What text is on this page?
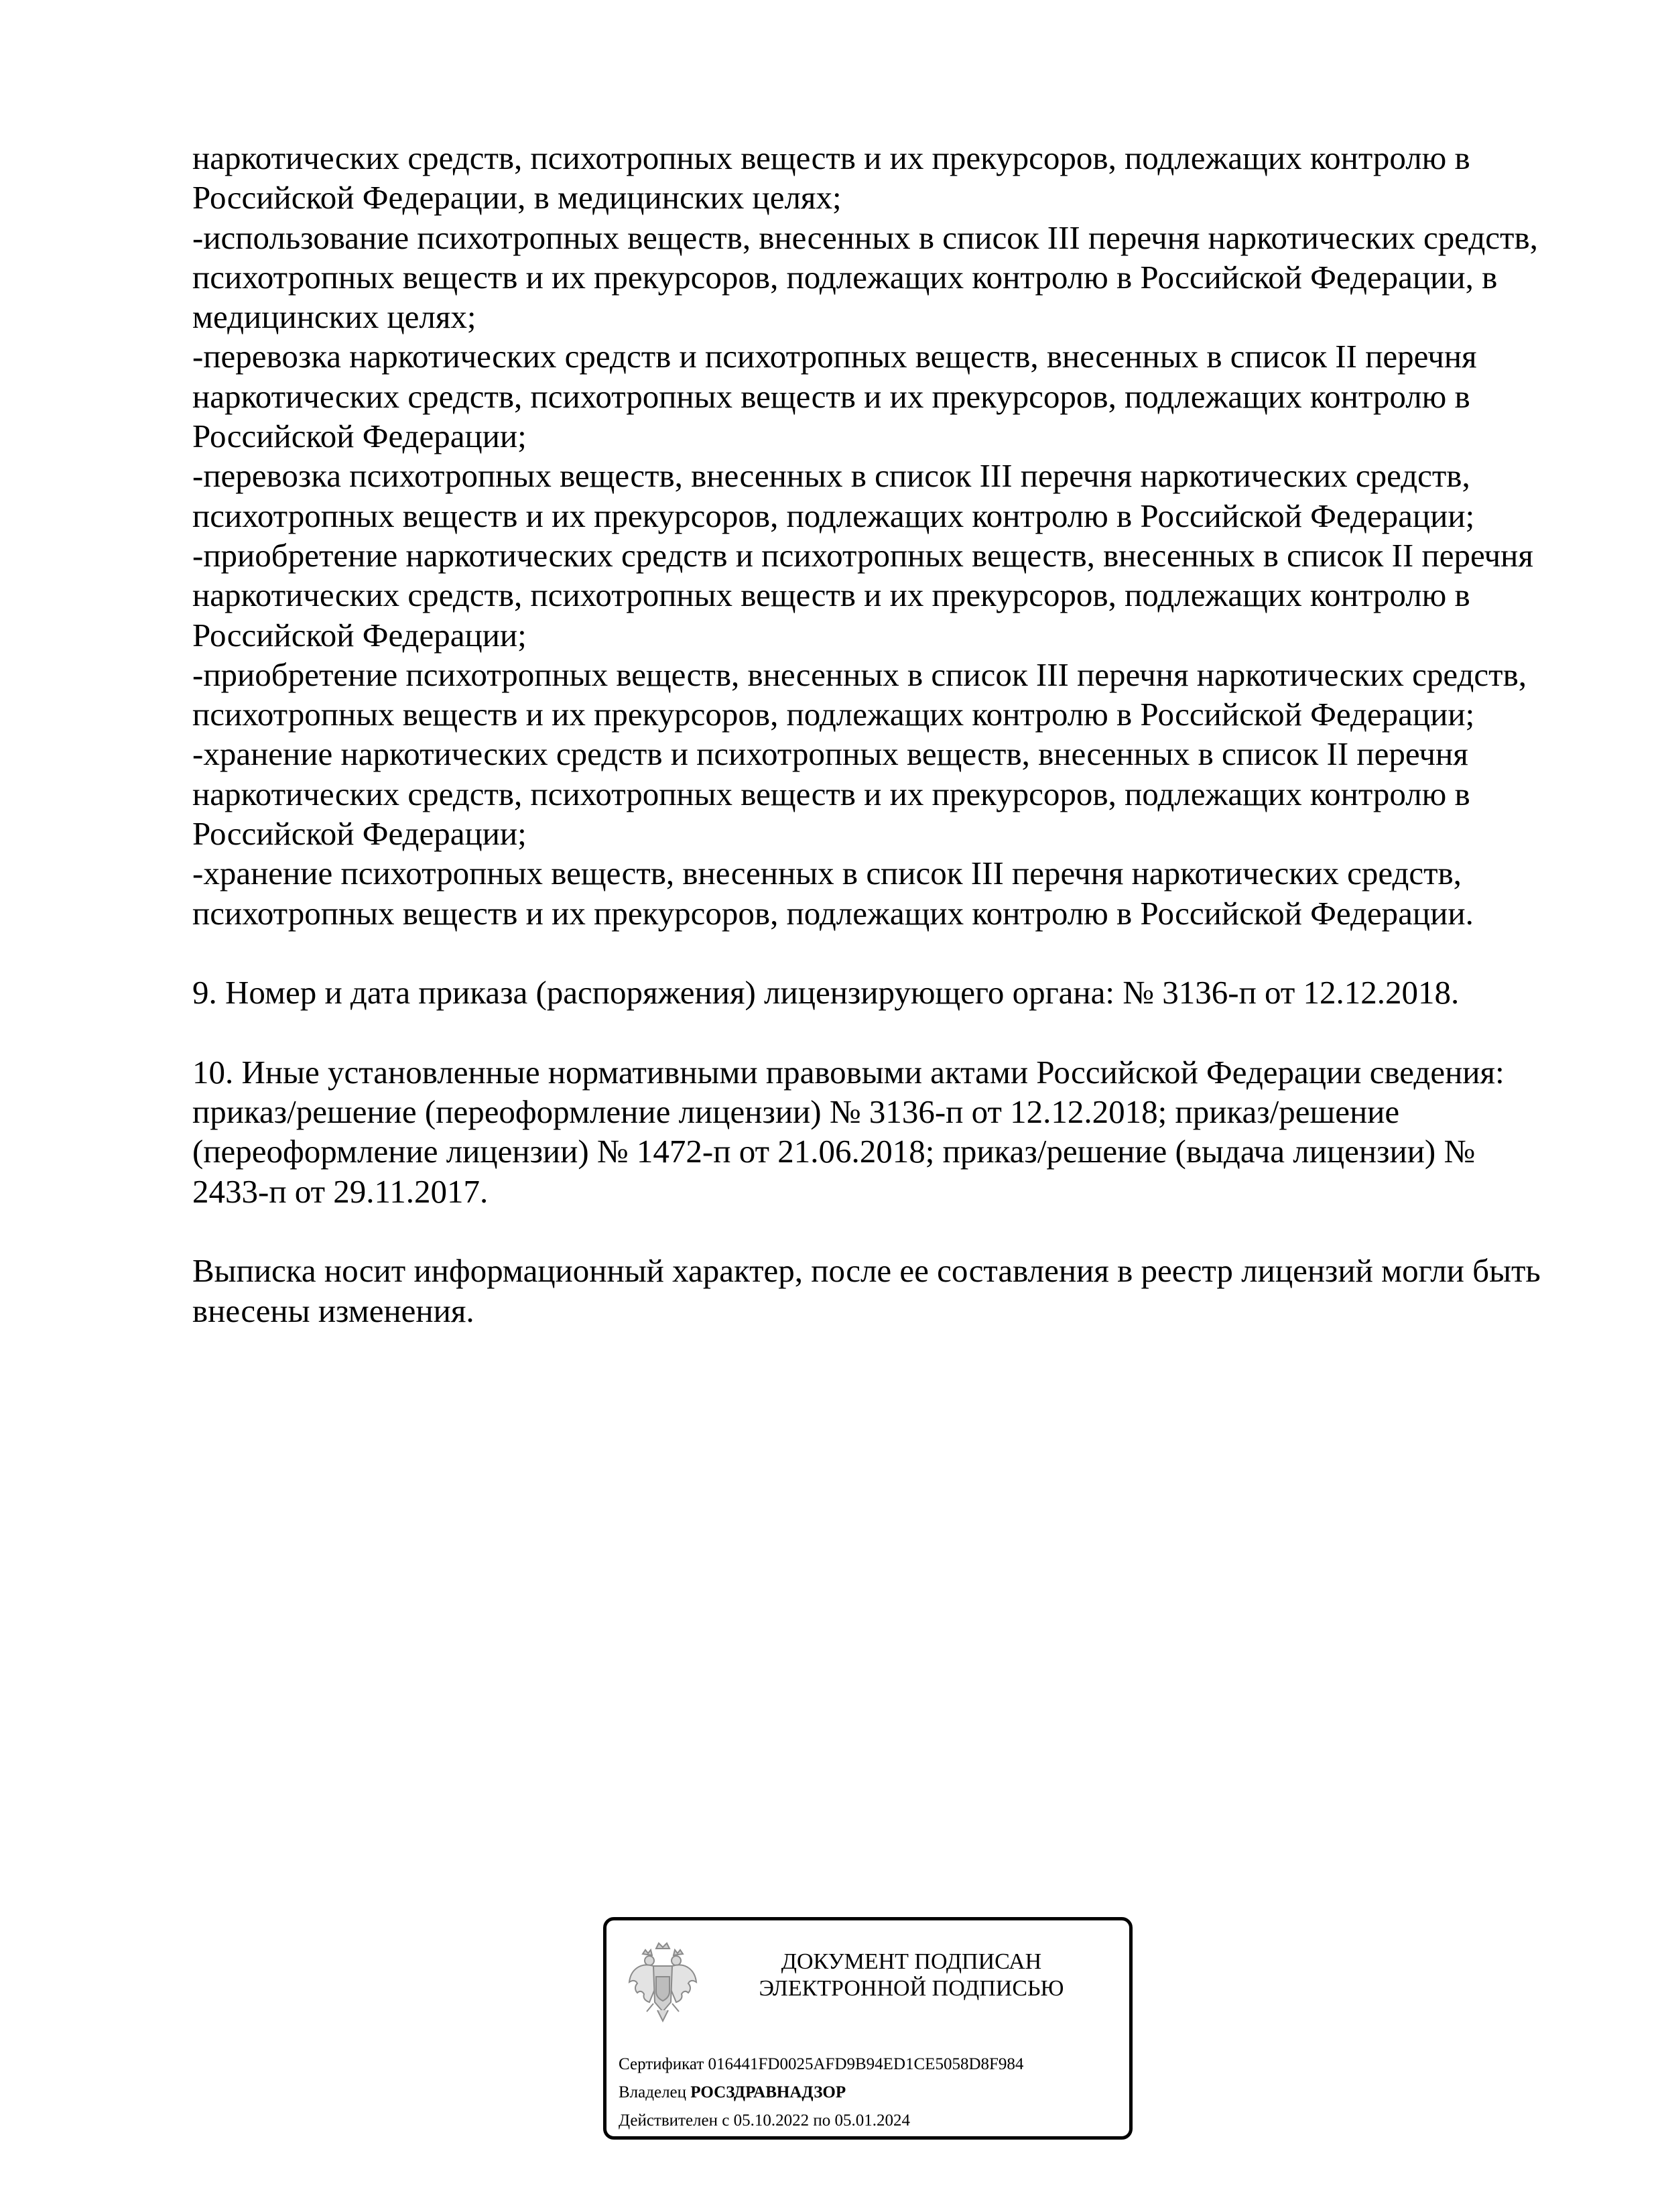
наркотических средств, психотропных веществ и их прекурсоров, подлежащих контролю в

Российской Федерации, в медицинских целях;

-использование психотропных веществ, внесенных в список III перечня наркотических средств,

психотропных веществ и их прекурсоров, подлежащих контролю в Российской Федерации, в

медицинских целях;

-перевозка наркотических средств и психотропных веществ, внесенных в список II перечня

наркотических средств, психотропных веществ и их прекурсоров, подлежащих контролю в

Российской Федерации;

-перевозка психотропных веществ, внесенных в список III перечня наркотических средств,

психотропных веществ и их прекурсоров, подлежащих контролю в Российской Федерации;

-приобретение наркотических средств и психотропных веществ, внесенных в список II перечня

наркотических средств, психотропных веществ и их прекурсоров, подлежащих контролю в

Российской Федерации;

-приобретение психотропных веществ, внесенных в список III перечня наркотических средств,

психотропных веществ и их прекурсоров, подлежащих контролю в Российской Федерации;

-хранение наркотических средств и психотропных веществ, внесенных в список II перечня

наркотических средств, психотропных веществ и их прекурсоров, подлежащих контролю в

Российской Федерации;

-хранение психотропных веществ, внесенных в список III перечня наркотических средств,

психотропных веществ и их прекурсоров, подлежащих контролю в Российской Федерации.

9. Номер и дата приказа (распоряжения) лицензирующего органа: № 3136-п от 12.12.2018.

10. Иные установленные нормативными правовыми актами Российской Федерации сведения:

приказ/решение (переоформление лицензии) № 3136-п от 12.12.2018; приказ/решение

(переоформление лицензии) № 1472-п от 21.06.2018; приказ/решение (выдача лицензии) №

2433-п от 29.11.2017.

Выписка носит информационный характер, после ее составления в реестр лицензий могли быть

внесены изменения.

ДОКУМЕНТ ПОДПИСАН
ЭЛЕКТРОННОЙ ПОДПИСЬЮ
Сертификат 016441FD0025AFD9B94ED1CE5058D8F984
Владелец РОСЗДРАВНАДЗОР
Действителен с 05.10.2022 по 05.01.2024
